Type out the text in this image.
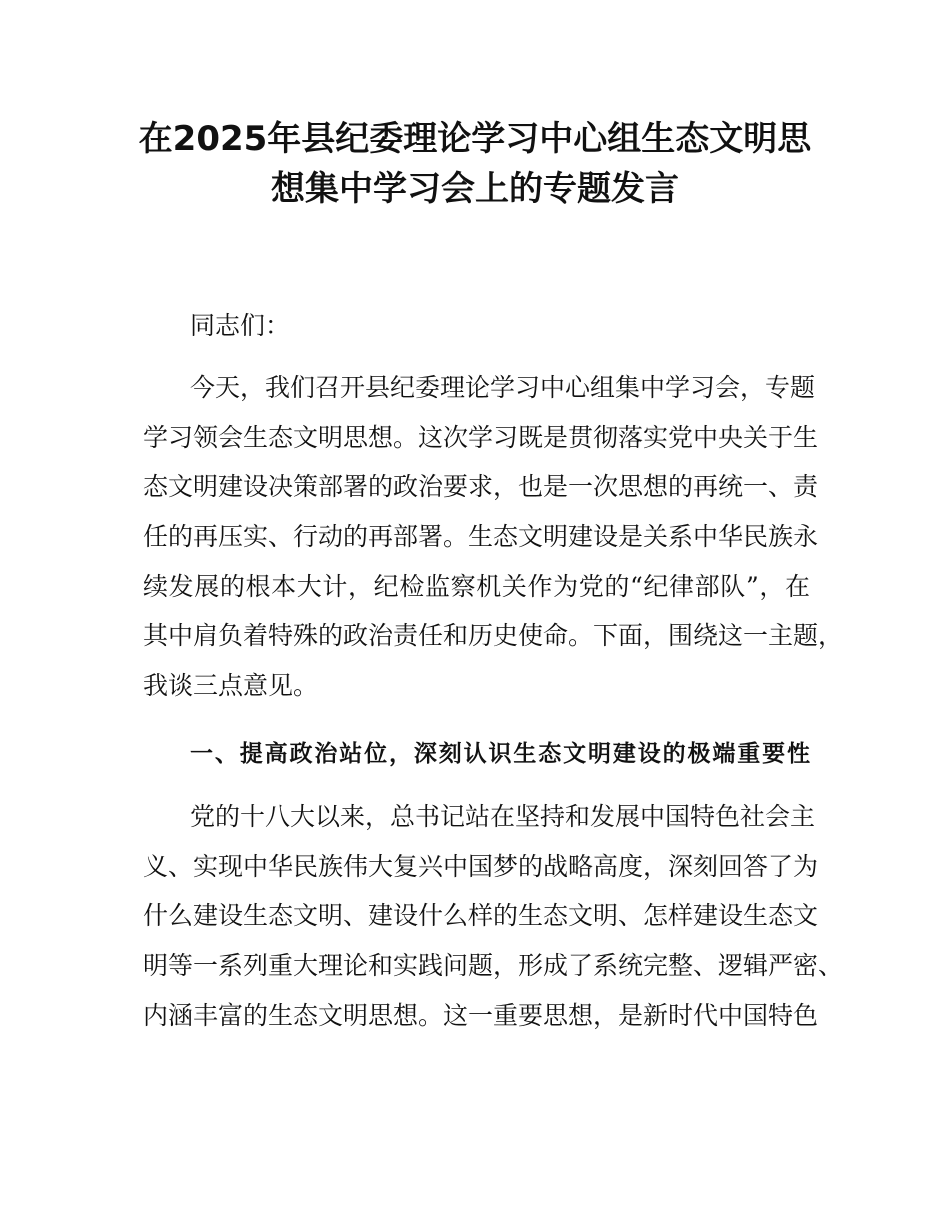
在2025年县纪委理论学习中心组生态文明思
想集中学习会上的专题发言
同志们：
今天，我们召开县纪委理论学习中心组集中学习会，专题
学习领会生态文明思想。这次学习既是贯彻落实党中央关于生
态文明建设决策部署的政治要求，也是一次思想的再统一、责
任的再压实、行动的再部署。生态文明建设是关系中华民族永
续发展的根本大计，纪检监察机关作为党的“纪律部队”，在
其中肩负着特殊的政治责任和历史使命。下面，围绕这一主题，
我谈三点意见。
一、提高政治站位，深刻认识生态文明建设的极端重要性
党的十八大以来，总书记站在坚持和发展中国特色社会主
义、实现中华民族伟大复兴中国梦的战略高度，深刻回答了为
什么建设生态文明、建设什么样的生态文明、怎样建设生态文
明等一系列重大理论和实践问题，形成了系统完整、逻辑严密、
内涵丰富的生态文明思想。这一重要思想，是新时代中国特色
